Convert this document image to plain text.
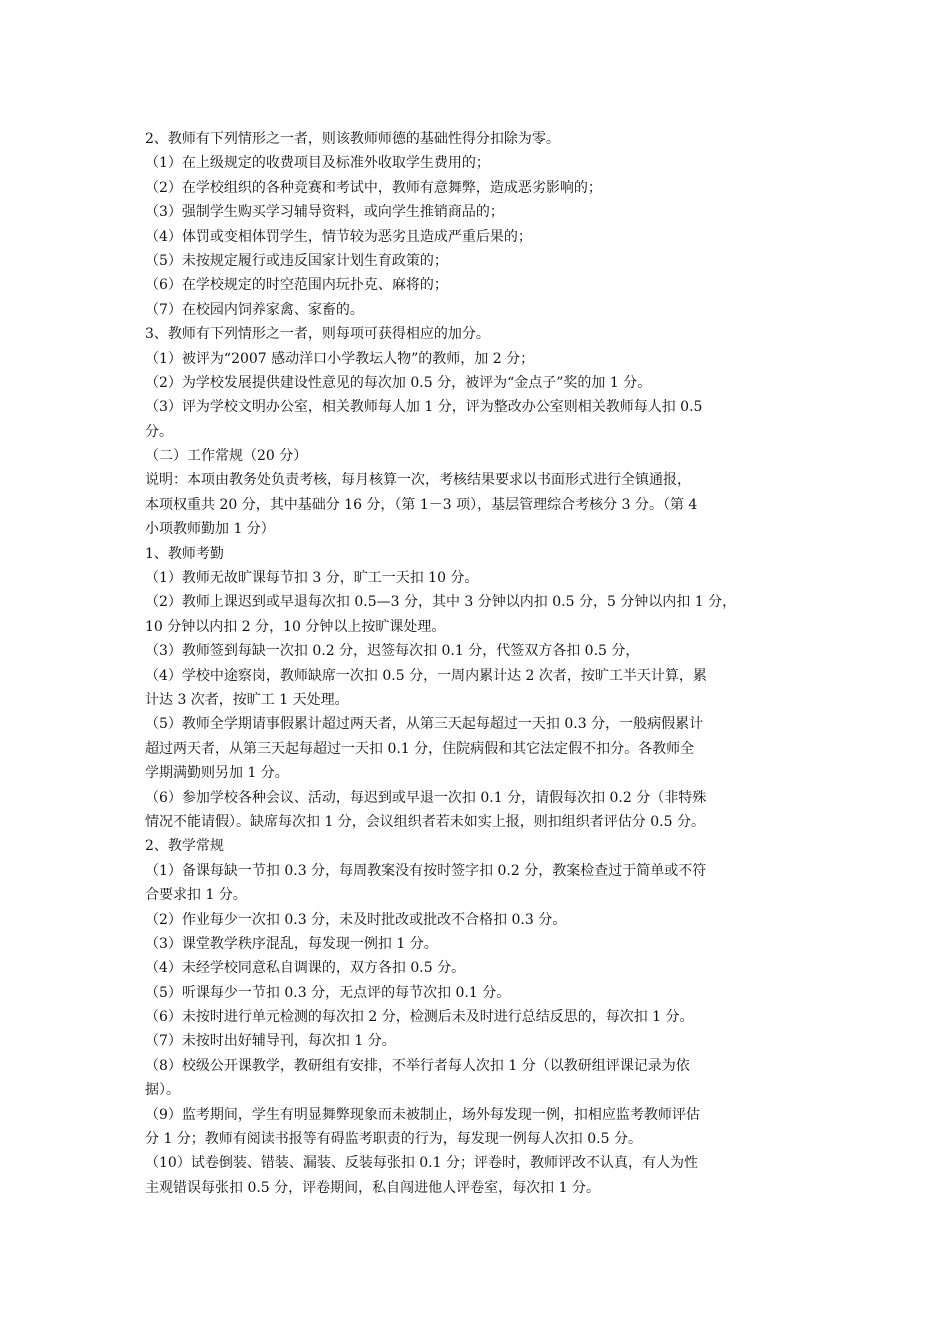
2、教师有下列情形之一者，则该教师师德的基础性得分扣除为零。
（1）在上级规定的收费项目及标准外收取学生费用的；
（2）在学校组织的各种竞赛和考试中，教师有意舞弊，造成恶劣影响的；
（3）强制学生购买学习辅导资料，或向学生推销商品的；
（4）体罚或变相体罚学生，情节较为恶劣且造成严重后果的；
（5）未按规定履行或违反国家计划生育政策的；
（6）在学校规定的时空范围内玩扑克、麻将的；
（7）在校园内饲养家禽、家畜的。
3、教师有下列情形之一者，则每项可获得相应的加分。
（1）被评为“2007 感动洋口小学教坛人物”的教师，加 2 分；
（2）为学校发展提供建设性意见的每次加 0.5 分，被评为“金点子”奖的加 1 分。
（3）评为学校文明办公室，相关教师每人加 1 分，评为整改办公室则相关教师每人扣 0.5
分。
（二）工作常规（20 分）
说明：本项由教务处负责考核，每月核算一次，考核结果要求以书面形式进行全镇通报，
本项权重共 20 分，其中基础分 16 分，（第 1－3 项），基层管理综合考核分 3 分。（第 4
小项教师勤加 1 分）
1、教师考勤
（1）教师无故旷课每节扣 3 分，旷工一天扣 10 分。
（2）教师上课迟到或早退每次扣 0.5—3 分，其中 3 分钟以内扣 0.5 分，5 分钟以内扣 1 分，
10 分钟以内扣 2 分，10 分钟以上按旷课处理。
（3）教师签到每缺一次扣 0.2 分，迟签每次扣 0.1 分，代签双方各扣 0.5 分，
（4）学校中途察岗，教师缺席一次扣 0.5 分，一周内累计达 2 次者，按旷工半天计算，累
计达 3 次者，按旷工 1 天处理。
（5）教师全学期请事假累计超过两天者，从第三天起每超过一天扣 0.3 分，一般病假累计
超过两天者，从第三天起每超过一天扣 0.1 分，住院病假和其它法定假不扣分。各教师全
学期满勤则另加 1 分。
（6）参加学校各种会议、活动，每迟到或早退一次扣 0.1 分，请假每次扣 0.2 分（非特殊
情况不能请假）。缺席每次扣 1 分，会议组织者若未如实上报，则扣组织者评估分 0.5 分。
2、教学常规
（1）备课每缺一节扣 0.3 分，每周教案没有按时签字扣 0.2 分，教案检查过于简单或不符
合要求扣 1 分。
（2）作业每少一次扣 0.3 分，未及时批改或批改不合格扣 0.3 分。
（3）课堂教学秩序混乱，每发现一例扣 1 分。
（4）未经学校同意私自调课的，双方各扣 0.5 分。
（5）听课每少一节扣 0.3 分，无点评的每节次扣 0.1 分。
（6）未按时进行单元检测的每次扣 2 分，检测后未及时进行总结反思的，每次扣 1 分。
（7）未按时出好辅导刊，每次扣 1 分。
（8）校级公开课教学，教研组有安排，不举行者每人次扣 1 分（以教研组评课记录为依
据）。
（9）监考期间，学生有明显舞弊现象而未被制止，场外每发现一例，扣相应监考教师评估
分 1 分；教师有阅读书报等有碍监考职责的行为，每发现一例每人次扣 0.5 分。
（10）试卷倒装、错装、漏装、反装每张扣 0.1 分；评卷时，教师评改不认真，有人为性
主观错误每张扣 0.5 分，评卷期间，私自闯进他人评卷室，每次扣 1 分。
